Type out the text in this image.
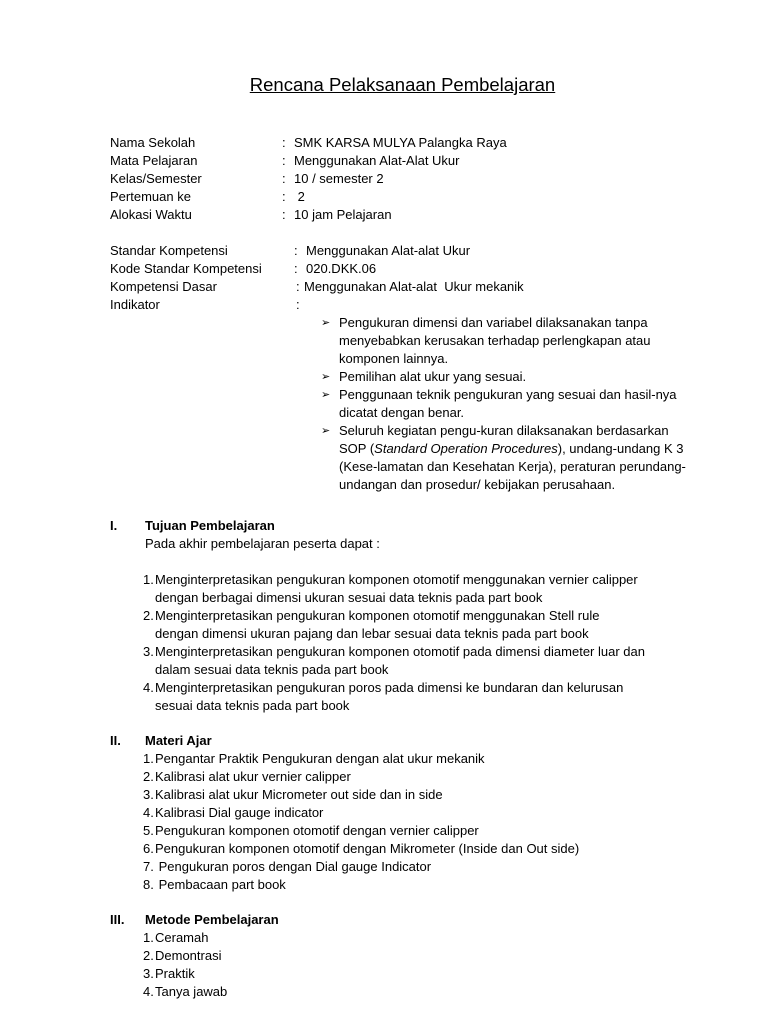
Rencana Pelaksanaan Pembelajaran
Nama Sekolah	: SMK KARSA MULYA Palangka Raya
Mata Pelajaran	: Menggunakan Alat-Alat Ukur
Kelas/Semester	: 10 / semester 2
Pertemuan ke	: 2
Alokasi Waktu	: 10 jam Pelajaran
Standar Kompetensi	: Menggunakan Alat-alat Ukur
Kode Standar Kompetensi : 020.DKK.06
Kompetensi Dasar	: Menggunakan Alat-alat  Ukur mekanik
Indikator	:
➢ Pengukuran dimensi dan variabel dilaksanakan tanpa menyebabkan kerusakan terhadap perlengkapan atau komponen lainnya.
➢ Pemilihan alat ukur yang sesuai.
➢ Penggunaan teknik pengukuran yang sesuai dan hasil-nya dicatat dengan benar.
➢ Seluruh kegiatan pengu-kuran dilaksanakan berdasarkan SOP (Standard Operation Procedures), undang-undang K 3 (Kese-lamatan dan Kesehatan Kerja), peraturan perundang-undangan dan prosedur/ kebijakan perusahaan.
I. Tujuan Pembelajaran
Pada akhir pembelajaran peserta dapat :
1. Menginterpretasikan pengukuran komponen otomotif menggunakan vernier calipper
dengan berbagai dimensi ukuran sesuai data teknis pada part book
2. Menginterpretasikan pengukuran komponen otomotif menggunakan Stell rule
dengan dimensi ukuran pajang dan lebar sesuai data teknis pada part book
3. Menginterpretasikan pengukuran komponen otomotif pada dimensi diameter luar dan
dalam sesuai data teknis pada part book
4. Menginterpretasikan pengukuran poros pada dimensi ke bundaran dan kelurusan
sesuai data teknis pada part book
II. Materi Ajar
1. Pengantar Praktik Pengukuran dengan alat ukur mekanik
2. Kalibrasi alat ukur vernier calipper
3. Kalibrasi alat ukur Micrometer out side dan in side
4. Kalibrasi Dial gauge indicator
5. Pengukuran komponen otomotif dengan vernier calipper
6. Pengukuran komponen otomotif dengan Mikrometer (Inside dan Out side)
7. Pengukuran poros dengan Dial gauge Indicator
8. Pembacaan part book
III. Metode Pembelajaran
1. Ceramah
2. Demontrasi
3. Praktik
4. Tanya jawab
